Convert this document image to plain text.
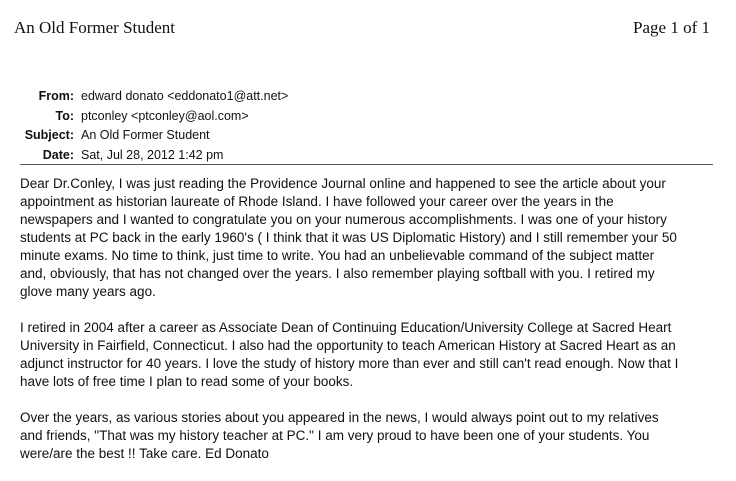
An Old Former Student	Page 1 of 1
From: edward donato <eddonato1@att.net>
To: ptconley <ptconley@aol.com>
Subject: An Old Former Student
Date: Sat, Jul 28, 2012 1:42 pm

Dear Dr.Conley, I was just reading the Providence Journal online and happened to see the article about your
appointment as historian laureate of Rhode Island. I have followed your career over the years in the
newspapers and I wanted to congratulate you on your numerous accomplishments. I was one of your history
students at PC back in the early 1960's ( I think that it was US Diplomatic History) and I still remember your 50
minute exams. No time to think, just time to write. You had an unbelievable command of the subject matter
and, obviously, that has not changed over the years. I also remember playing softball with you. I retired my
glove many years ago.

I retired in 2004 after a career as Associate Dean of Continuing Education/University College at Sacred Heart
University in Fairfield, Connecticut. I also had the opportunity to teach American History at Sacred Heart as an
adjunct instructor for 40 years. I love the study of history more than ever and still can't read enough. Now that I
have lots of free time I plan to read some of your books.

Over the years, as various stories about you appeared in the news, I would always point out to my relatives
and friends, "That was my history teacher at PC." I am very proud to have been one of your students. You
were/are the best !! Take care. Ed Donato
